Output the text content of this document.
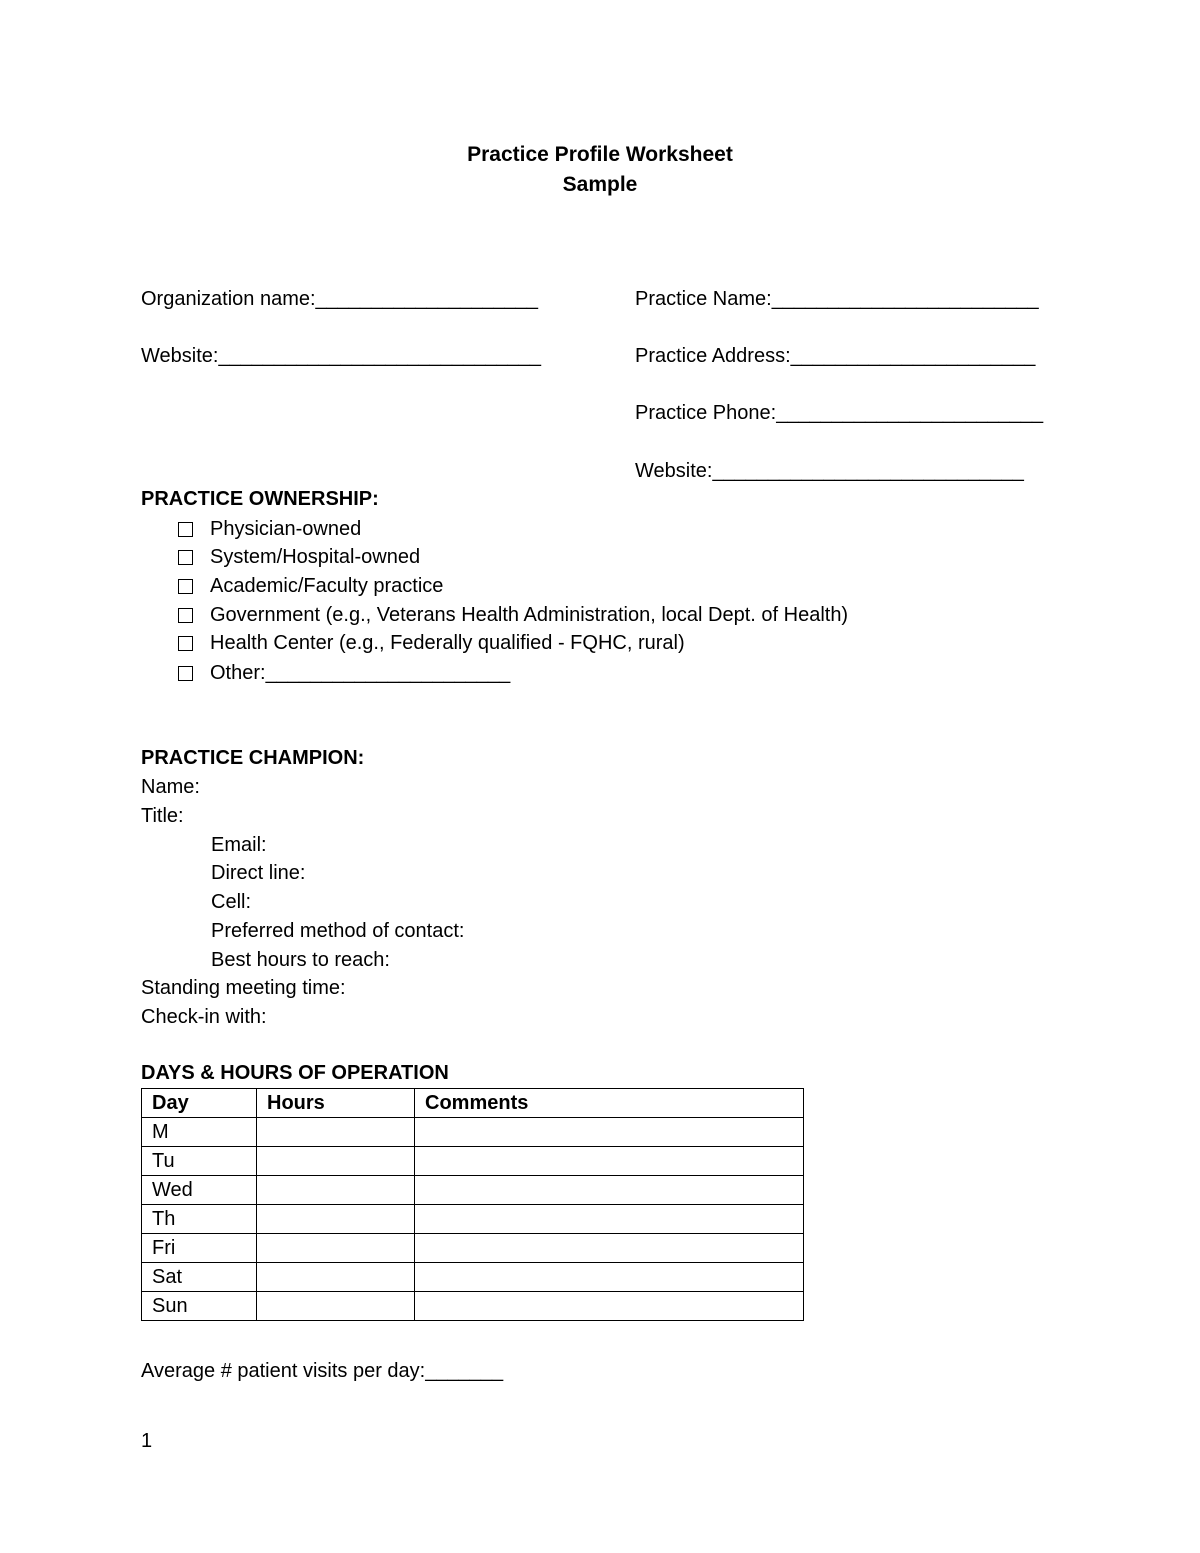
Practice Profile Worksheet
Sample
Organization name:____________________
Website:_____________________________
Practice Name:________________________
Practice Address:______________________
Practice Phone:________________________
Website:____________________________
PRACTICE OWNERSHIP:
Physician-owned
System/Hospital-owned
Academic/Faculty practice
Government (e.g., Veterans Health Administration, local Dept. of Health)
Health Center (e.g., Federally qualified - FQHC, rural)
Other:______________________
PRACTICE CHAMPION:
Name:
Title:
Email:
Direct line:
Cell:
Preferred method of contact:
Best hours to reach:
Standing meeting time:
Check-in with:
DAYS & HOURS OF OPERATION
Day	Hours	Comments
M		
Tu		
Wed		
Th		
Fri		
Sat		
Sun		
Average # patient visits per day:_______
1
